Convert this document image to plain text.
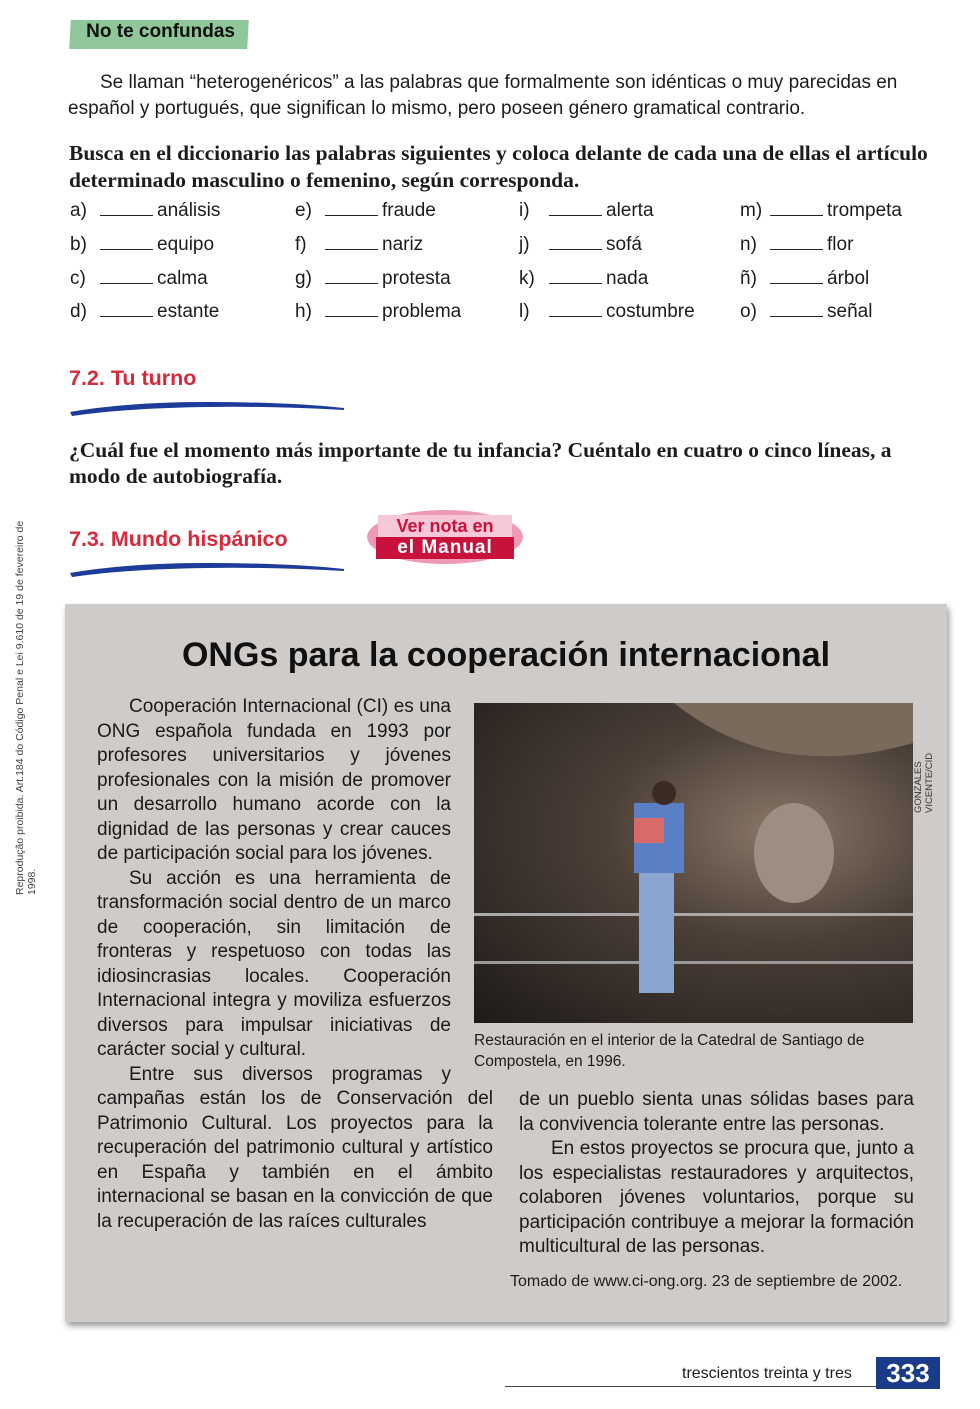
No te confundas
Se llaman “heterogenéricos” a las palabras que formalmente son idénticas o muy parecidas en español y portugués, que significan lo mismo, pero poseen género gramatical contrario.
Busca en el diccionario las palabras siguientes y coloca delante de cada una de ellas el artículo determinado masculino o femenino, según corresponda.
a)	análisis
b)	equipo
c)	calma
d)	estante
e)	fraude
f)	nariz
g)	protesta
h)	problema
i)	alerta
j)	sofá
k)	nada
l)	costumbre
m)	trompeta
n)	flor
ñ)	árbol
o)	señal
7.2. Tu turno
¿Cuál fue el momento más importante de tu infancia? Cuéntalo en cuatro o cinco líneas, a modo de autobiografía.
7.3. Mundo hispánico
Ver nota en
el Manual
ONGs para la cooperación internacional

Cooperación Internacional (CI) es una ONG española fundada en 1993 por profesores universitarios y jóvenes profesionales con la misión de promover un desarrollo humano acorde con la dignidad de las personas y crear cauces de participación social para los jóvenes.

Su acción es una herramienta de transformación social dentro de un marco de cooperación, sin limitación de fronteras y respetuoso con todas las idiosincrasias locales. Cooperación Internacional integra y moviliza esfuerzos diversos para impulsar iniciativas de carácter social y cultural.

Entre sus diversos programas y campañas están los de Conservación del Patrimonio Cultural. Los proyectos para la recuperación del patrimonio cultural y artístico en España y también en el ámbito internacional se basan en la convicción de que la recuperación de las raíces culturales

GONZALES VICENTE/CID
Restauración en el interior de la Catedral de Santiago de Compostela, en 1996.

de un pueblo sienta unas sólidas bases para la convivencia tolerante entre las personas.

En estos proyectos se procura que, junto a los especialistas restauradores y arquitectos, colaboren jóvenes voluntarios, porque su participación contribuye a mejorar la formación multicultural de las personas.

Tomado de www.ci-ong.org. 23 de septiembre de 2002.
Reprodução proibida. Art.184 do Código Penal e Lei 9.610 de 19 de fevereiro de 1998.
trescientos treinta y tres	333
